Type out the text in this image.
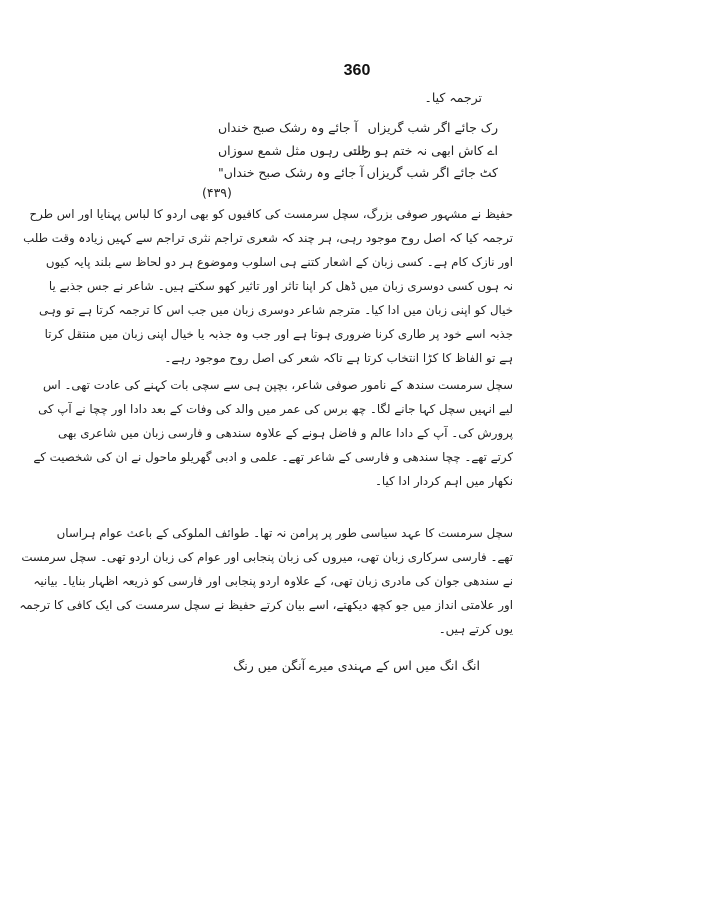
360
ترجمہ کیا۔
رک جائے اگر شب گریزاں
آ جائے وہ رشک صبح خنداں
اے کاش ابھی نہ ختم ہو رات
جلتی رہوں مثل شمع سوزاں
کٹ جائے اگر شب گریزاں
آ جائے وہ رشک صبح خنداں"
(۴۳۹)
حفیظ نے مشہور صوفی بزرگ، سچل سرمست کی کافیوں کو بھی اردو کا لباس پہنایا اور اس طرح
ترجمہ کیا کہ اصل روح موجود رہی، ہر چند کہ شعری تراجم نثری تراجم سے کہیں زیادہ وقت طلب
اور نازک کام ہے۔ کسی زبان کے اشعار کتنے ہی اسلوب وموضوع ہر دو لحاظ سے بلند پایہ کیوں
نہ ہوں کسی دوسری زبان میں ڈھل کر اپنا تاثر اور تاثیر کھو سکتے ہیں۔ شاعر نے جس جذبے یا
خیال کو اپنی زبان میں ادا کیا۔ مترجم شاعر دوسری زبان میں جب اس کا ترجمہ کرتا ہے تو وہی
جذبہ اسے خود پر طاری کرنا ضروری ہوتا ہے اور جب وہ جذبہ یا خیال اپنی زبان میں منتقل کرتا
ہے تو الفاظ کا کڑا انتخاب کرتا ہے تاکہ شعر کی اصل روح موجود رہے۔
سچل سرمست سندھ کے نامور صوفی شاعر، بچپن ہی سے سچی بات کہنے کی عادت تھی۔ اس
لیے انہیں سچل کہا جانے لگا۔ چھ برس کی عمر میں والد کی وفات کے بعد دادا اور چچا نے آپ کی
پرورش کی۔ آپ کے دادا عالم و فاضل ہونے کے علاوہ سندھی و فارسی زبان میں شاعری بھی
کرتے تھے۔ چچا سندھی و فارسی کے شاعر تھے۔ علمی و ادبی گھریلو ماحول نے ان کی شخصیت کے
نکھار میں اہم کردار ادا کیا۔
سچل سرمست کا عہد سیاسی طور پر پرامن نہ تھا۔ طوائف الملوکی کے باعث عوام ہراساں
تھے۔ فارسی سرکاری زبان تھی، میروں کی زبان پنجابی اور عوام کی زبان اردو تھی۔ سچل سرمست
نے سندھی جوان کی مادری زبان تھی، کے علاوہ اردو پنجابی اور فارسی کو ذریعہ اظہار بنایا۔ بیانیہ
اور علامتی انداز میں جو کچھ دیکھتے، اسے بیان کرتے حفیظ نے سچل سرمست کی ایک کافی کا ترجمہ
یوں کرتے ہیں۔
انگ انگ میں اس کے مہندی میرے آنگن میں رنگ
